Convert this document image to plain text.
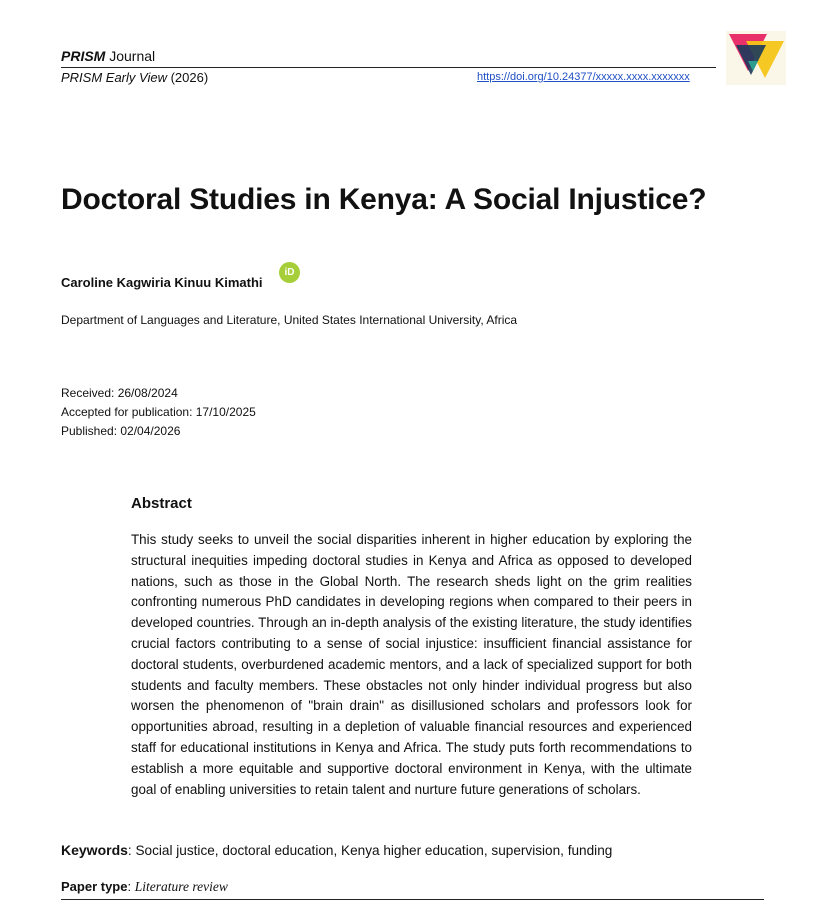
PRISM Journal
PRISM Early View (2026)	https://doi.org/10.24377/xxxxx.xxxx.xxxxxxx
Doctoral Studies in Kenya: A Social Injustice?
Caroline Kagwiria Kinuu Kimathi
iD
Department of Languages and Literature, United States International University, Africa
Received: 26/08/2024
Accepted for publication: 17/10/2025
Published: 02/04/2026
Abstract

This study seeks to unveil the social disparities inherent in higher education by exploring the structural inequities impeding doctoral studies in Kenya and Africa as opposed to developed nations, such as those in the Global North. The research sheds light on the grim realities confronting numerous PhD candidates in developing regions when compared to their peers in developed countries. Through an in-depth analysis of the existing literature, the study identifies crucial factors contributing to a sense of social injustice: insufficient financial assistance for doctoral students, overburdened academic mentors, and a lack of specialized support for both students and faculty members. These obstacles not only hinder individual progress but also worsen the phenomenon of "brain drain" as disillusioned scholars and professors look for opportunities abroad, resulting in a depletion of valuable financial resources and experienced staff for educational institutions in Kenya and Africa. The study puts forth recommendations to establish a more equitable and supportive doctoral environment in Kenya, with the ultimate goal of enabling universities to retain talent and nurture future generations of scholars.

Keywords: Social justice, doctoral education, Kenya higher education, supervision, funding
Paper type: Literature review
